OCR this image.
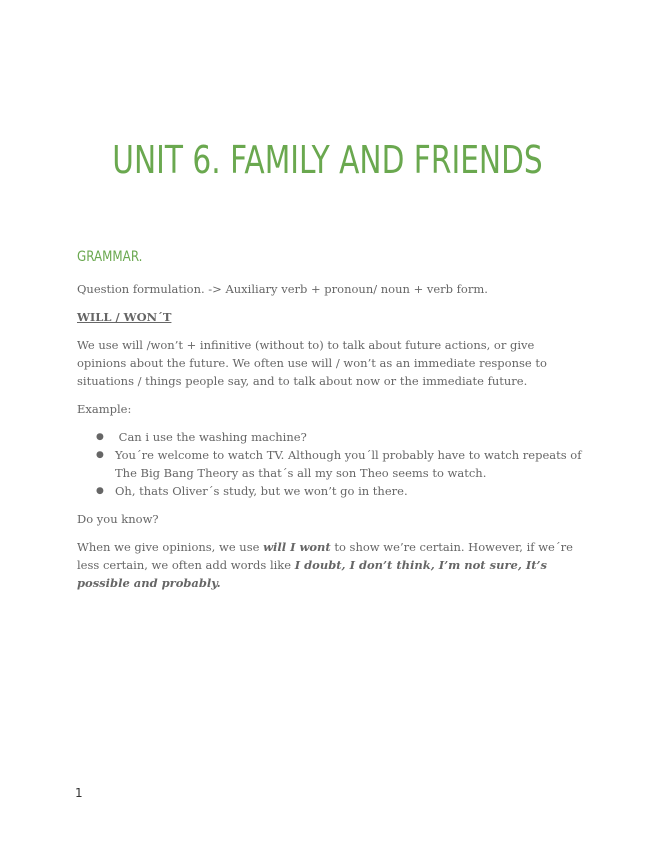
UNIT 6. FAMILY AND FRIENDS
GRAMMAR.
Question formulation. -> Auxiliary verb + pronoun/ noun + verb form.
WILL / WON´T
We use will /won’t + infinitive (without to) to talk about future actions, or give opinions about the future. We often use will / won’t as an immediate response to situations / things people say, and to talk about now or the immediate future.
Example:
● Can i use the washing machine?
● You´re welcome to watch TV. Although you´ll probably have to watch repeats of The Big Bang Theory as that´s all my son Theo seems to watch.
● Oh, thats Oliver´s study, but we won’t go in there.
Do you know?
When we give opinions, we use will I wont to show we’re certain. However, if we´re less certain, we often add words like I doubt, I don’t think, I’m not sure, It’s possible and probably.
1
